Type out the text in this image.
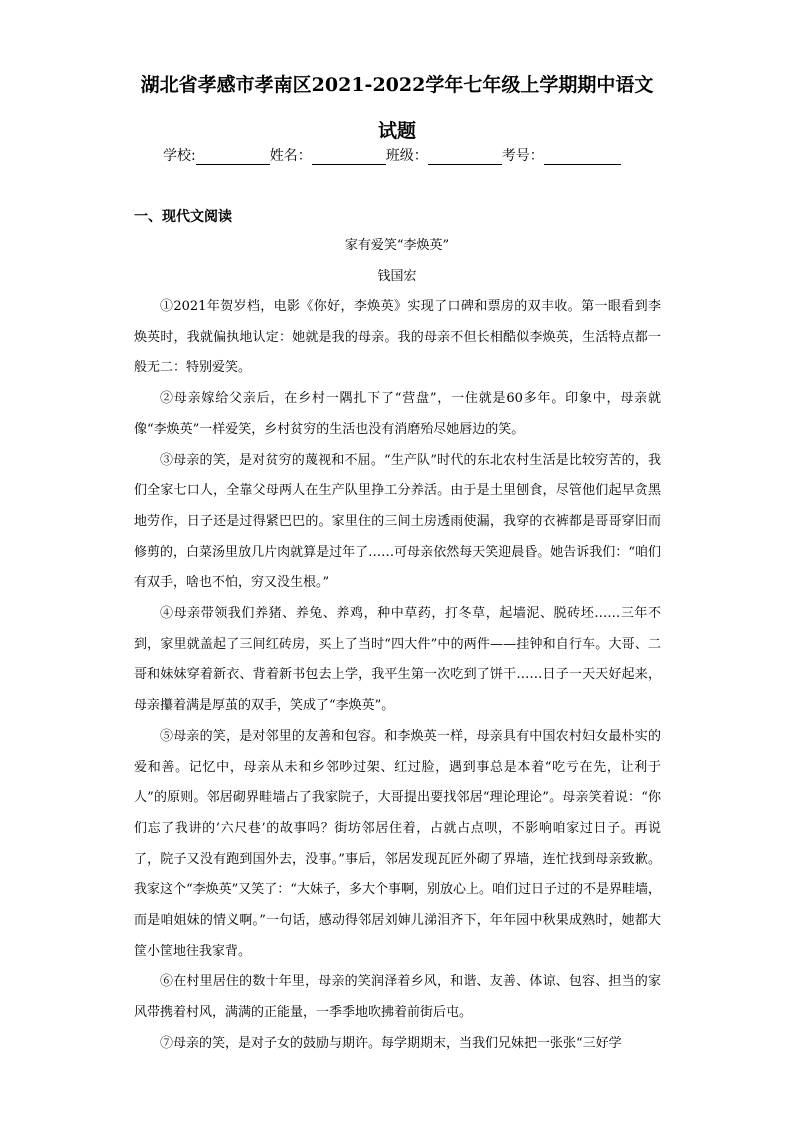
湖北省孝感市孝南区2021-2022学年七年级上学期期中语文
试题
学校:	姓名：	班级：	考号：
一、现代文阅读
家有爱笑“李焕英”
钱国宏

①2021年贺岁档，电影《你好，李焕英》实现了口碑和票房的双丰收。第一眼看到李焕英时，我就偏执地认定：她就是我的母亲。我的母亲不但长相酷似李焕英，生活特点都一般无二：特别爱笑。

②母亲嫁给父亲后，在乡村一隅扎下了“营盘”，一住就是60多年。印象中，母亲就像“李焕英”一样爱笑，乡村贫穷的生活也没有消磨殆尽她唇边的笑。

③母亲的笑，是对贫穷的蔑视和不屈。“生产队”时代的东北农村生活是比较穷苦的，我们全家七口人，全靠父母两人在生产队里挣工分养活。由于是土里刨食，尽管他们起早贪黑地劳作，日子还是过得紧巴巴的。家里住的三间土房透雨使漏，我穿的衣裤都是哥哥穿旧而修剪的，白菜汤里放几片肉就算是过年了……可母亲依然每天笑迎晨昏。她告诉我们：“咱们有双手，啥也不怕，穷又没生根。”

④母亲带领我们养猪、养兔、养鸡，种中草药，打冬草，起墙泥、脱砖坯……三年不到，家里就盖起了三间红砖房，买上了当时“四大件”中的两件——挂钟和自行车。大哥、二哥和妹妹穿着新衣、背着新书包去上学，我平生第一次吃到了饼干……日子一天天好起来，母亲攥着满是厚茧的双手，笑成了“李焕英”。

⑤母亲的笑，是对邻里的友善和包容。和李焕英一样，母亲具有中国农村妇女最朴实的爱和善。记忆中，母亲从未和乡邻吵过架、红过脸，遇到事总是本着“吃亏在先，让利于人”的原则。邻居砌界畦墙占了我家院子，大哥提出要找邻居“理论理论”。母亲笑着说：“你们忘了我讲的‘六尺巷’的故事吗？街坊邻居住着，占就占点呗，不影响咱家过日子。再说了，院子又没有跑到国外去，没事。”事后，邻居发现瓦匠外砌了界墙，连忙找到母亲致歉。我家这个“李焕英”又笑了：“大妹子，多大个事啊，别放心上。咱们过日子过的不是界畦墙，而是咱姐妹的情义啊。”一句话，感动得邻居刘婶儿涕泪齐下，年年园中秋果成熟时，她都大筐小筐地往我家背。

⑥在村里居住的数十年里，母亲的笑润泽着乡风，和谐、友善、体谅、包容、担当的家风带携着村风，满满的正能量，一季季地吹拂着前街后屯。

⑦母亲的笑，是对子女的鼓励与期许。每学期期末，当我们兄妹把一张张“三好学
